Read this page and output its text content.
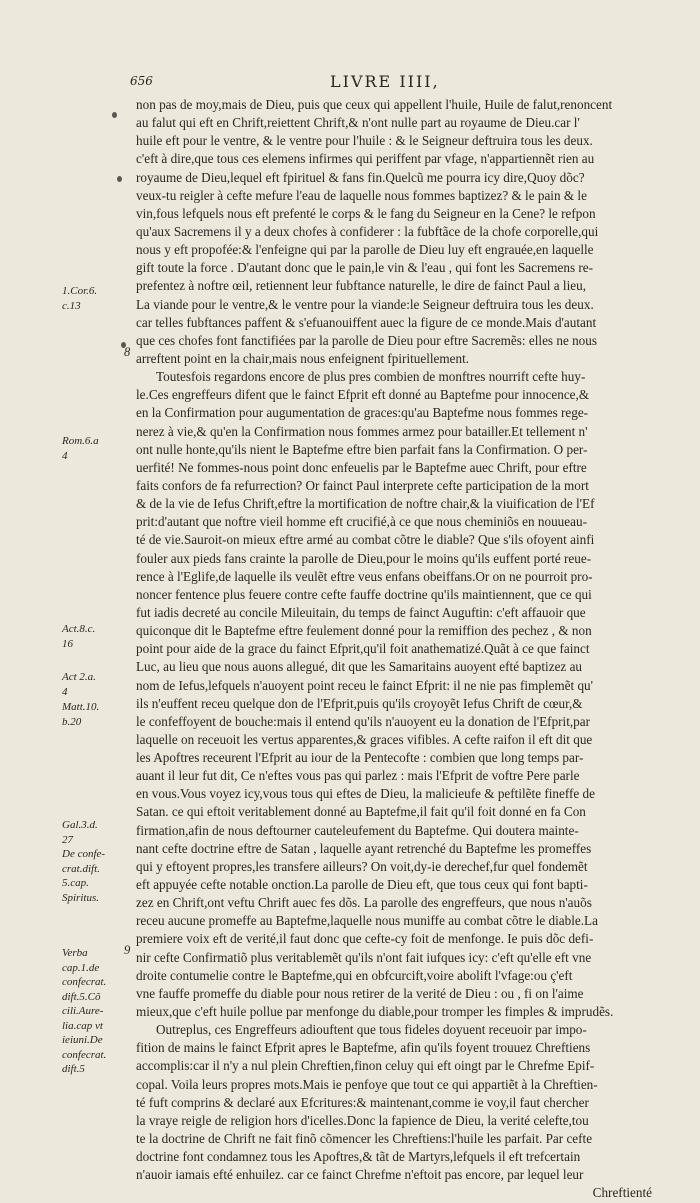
656	LIVRE IIII,
non pas de moy,mais de Dieu, puis que ceux qui appellent l'huile, Huile de falut,renoncent
au falut qui eft en Chrift,reiettent Chrift,& n'ont nulle part au royaume de Dieu.car l'
huile eft pour le ventre, & le ventre pour l'huile : & le Seigneur deftruira tous les deux.
c'eft à dire,que tous ces elemens infirmes qui periffent par vfage, n'appartiennẽt rien au
royaume de Dieu,lequel eft fpirituel & fans fin.Quelcũ me pourra icy dire,Quoy dõc?
veux-tu reigler à cefte mefure l'eau de laquelle nous fommes baptizez? & le pain & le
vin,fous lefquels nous eft prefenté le corps & le fang du Seigneur en la Cene? le refpon
qu'aux Sacremens il y a deux chofes à confiderer : la fubftãce de la chofe corporelle,qui
nous y eft propofée:& l'enfeigne qui par la parolle de Dieu luy eft engrauée,en laquelle
gift toute la force . D'autant donc que le pain,le vin & l'eau , qui font les Sacremens re-
prefentez à noftre œil, retiennent leur fubftance naturelle, le dire de fainct Paul a lieu,
La viande pour le ventre,& le ventre pour la viande:le Seigneur deftruira tous les deux.
car telles fubftances paffent & s'efuanouiffent auec la figure de ce monde.Mais d'autant
que ces chofes font fanctifiées par la parolle de Dieu pour eftre Sacremẽs: elles ne nous
arreftent point en la chair,mais nous enfeignent fpirituellement.
Toutesfois regardons encore de plus pres combien de monftres nourrift cefte huy-
le.Ces engreffeurs difent que le fainct Efprit eft donné au Baptefme pour innocence,&
en la Confirmation pour augumentation de graces:qu'au Baptefme nous fommes rege-
nerez à vie,& qu'en la Confirmation nous fommes armez pour batailler.Et tellement n'
ont nulle honte,qu'ils nient le Baptefme eftre bien parfait fans la Confirmation. O per-
uerfité! Ne fommes-nous point donc enfeuelis par le Baptefme auec Chrift, pour eftre
faits confors de fa refurrection? Or fainct Paul interprete cefte participation de la mort
& de la vie de Iefus Chrift,eftre la mortification de noftre chair,& la viuification de l'Ef
prit:d'autant que noftre vieil homme eft crucifié,à ce que nous cheminiõs en nouueau-
té de vie.Sauroit-on mieux eftre armé au combat cõtre le diable? Que s'ils ofoyent ainfi
fouler aux pieds fans crainte la parolle de Dieu,pour le moins qu'ils euffent porté reue-
rence à l'Eglife,de laquelle ils veulẽt eftre veus enfans obeiffans.Or on ne pourroit pro-
noncer fentence plus feuere contre cefte fauffe doctrine qu'ils maintiennent, que ce qui
fut iadis decreté au concile Mileuitain, du temps de fainct Auguftin: c'eft affauoir que
quiconque dit le Baptefme eftre feulement donné pour la remiffion des pechez , & non
point pour aide de la grace du fainct Efprit,qu'il foit anathematizé.Quãt à ce que fainct
Luc, au lieu que nous auons allegué, dit que les Samaritains auoyent efté baptizez au
nom de Iefus,lefquels n'auoyent point receu le fainct Efprit: il ne nie pas fimplemẽt qu'
ils n'euffent receu quelque don de l'Efprit,puis qu'ils croyoyẽt Iefus Chrift de cœur,&
le confeffoyent de bouche:mais il entend qu'ils n'auoyent eu la donation de l'Efprit,par
laquelle on receuoit les vertus apparentes,& graces vifibles. A cefte raifon il eft dit que
les Apoftres receurent l'Efprit au iour de la Pentecofte : combien que long temps par-
auant il leur fut dit, Ce n'eftes vous pas qui parlez : mais l'Efprit de voftre Pere parle
en vous.Vous voyez icy,vous tous qui eftes de Dieu, la malicieufe & peftilẽte fineffe de
Satan. ce qui eftoit veritablement donné au Baptefme,il fait qu'il foit donné en fa Con
firmation,afin de nous deftourner cauteleufement du Baptefme. Qui doutera mainte-
nant cefte doctrine eftre de Satan , laquelle ayant retrenché du Baptefme les promeffes
qui y eftoyent propres,les transfere ailleurs? On voit,dy-ie derechef,fur quel fondemẽt
eft appuyée cefte notable onction.La parolle de Dieu eft, que tous ceux qui font bapti-
zez en Chrift,ont veftu Chrift auec fes dõs. La parolle des engreffeurs, que nous n'auõs
receu aucune promeffe au Baptefme,laquelle nous muniffe au combat cõtre le diable.La
premiere voix eft de verité,il faut donc que cefte-cy foit de menfonge. Ie puis dõc defi-
nir cefte Confirmatiõ plus veritablemẽt qu'ils n'ont fait iufques icy: c'eft qu'elle eft vne
droite contumelie contre le Baptefme,qui en obfcurcift,voire abolift l'vfage:ou ç'eft
vne fauffe promeffe du diable pour nous retirer de la verité de Dieu : ou , fi on l'aime
mieux,que c'eft huile pollue par menfonge du diable,pour tromper les fimples & imprudẽs.
Outreplus, ces Engreffeurs adiouftent que tous fideles doyuent receuoir par impo-
fition de mains le fainct Efprit apres le Baptefme, afin qu'ils foyent trouuez Chreftiens
accomplis:car il n'y a nul plein Chreftien,finon celuy qui eft oingt par le Chrefme Epif-
copal. Voila leurs propres mots.Mais ie penfoye que tout ce qui appartiẽt à la Chreftien-
té fuft comprins & declaré aux Efcritures:& maintenant,comme ie voy,il faut chercher
la vraye reigle de religion hors d'icelles.Donc la fapience de Dieu, la verité celefte,tou
te la doctrine de Chrift ne fait finõ cõmencer les Chreftiens:l'huile les parfait. Par cefte
doctrine font condamnez tous les Apoftres,& tãt de Martyrs,lefquels il eft trefcertain
n'auoir iamais efté enhuilez. car ce fainct Chrefme n'eftoit pas encore, par lequel leur
Chreftienté
8
9
1.Cor.6.
c.13
Rom.6.a
4
Act.8.c.
16
Act 2.a.
4
Matt.10.
b.20
Gal.3.d.
27
De confe-
crat.dift.
5.cap.
Spiritus.
Verba
cap.1.de
confecrat.
dift.5.Cõ
cili.Aure-
lia.cap vt
ieiuni.De
confecrat.
dift.5
